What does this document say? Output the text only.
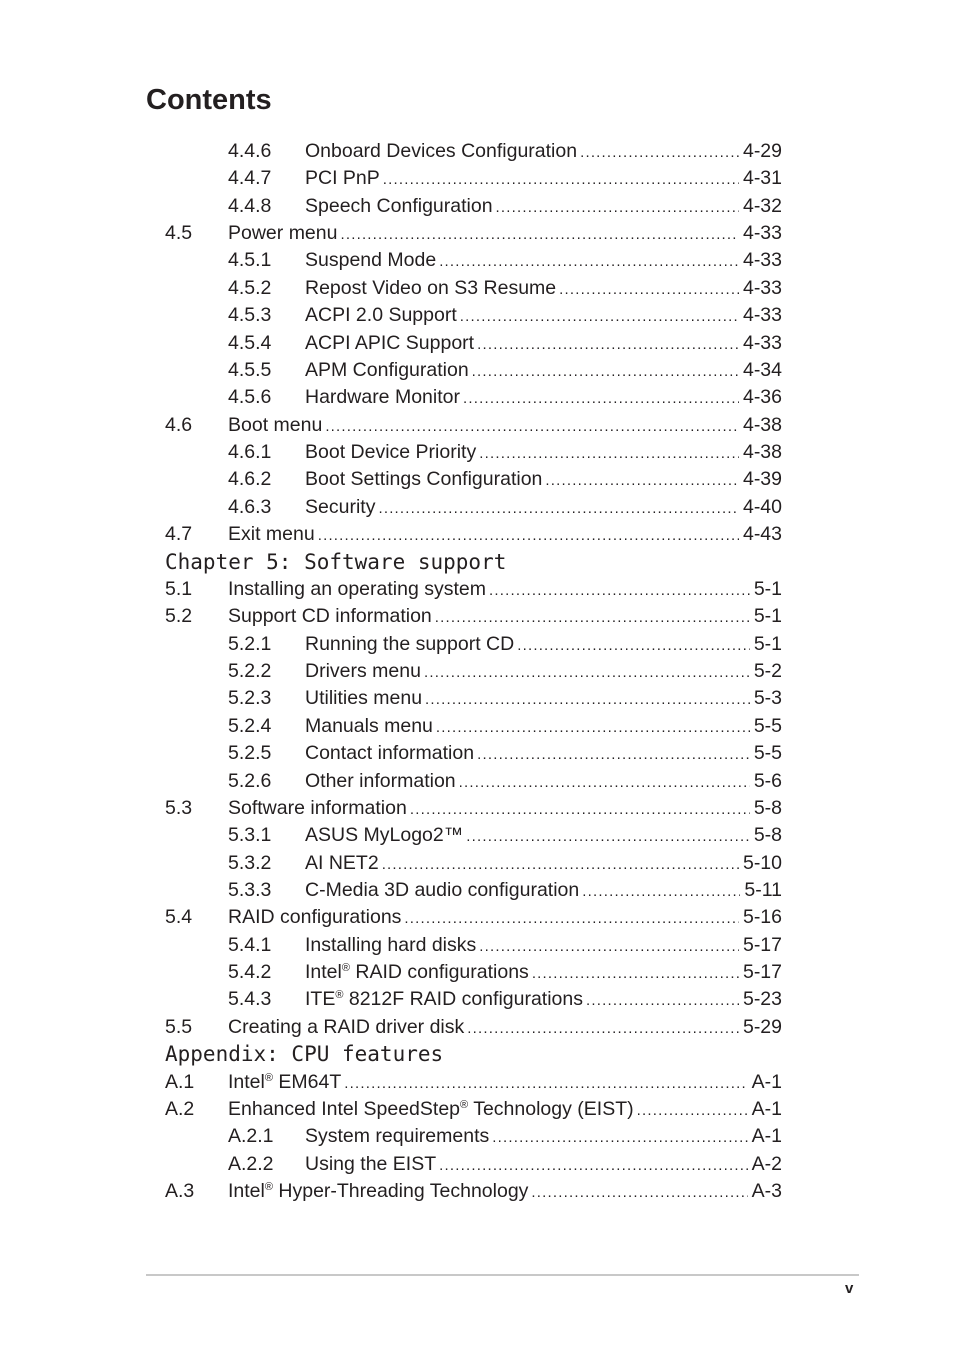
Contents
4.4.6 Onboard Devices Configuration .....	4-29
4.4.7 PCI PnP .....	4-31
4.4.8 Speech Configuration .....	4-32
4.5 Power menu .....	4-33
4.5.1 Suspend Mode .....	4-33
4.5.2 Repost Video on S3 Resume .....	4-33
4.5.3 ACPI 2.0 Support .....	4-33
4.5.4 ACPI APIC Support .....	4-33
4.5.5 APM Configuration .....	4-34
4.5.6 Hardware Monitor .....	4-36
4.6 Boot menu .....	4-38
4.6.1 Boot Device Priority .....	4-38
4.6.2 Boot Settings Configuration .....	4-39
4.6.3 Security .....	4-40
4.7 Exit menu .....	4-43
Chapter 5: Software support
5.1 Installing an operating system .....	5-1
5.2 Support CD information .....	5-1
5.2.1 Running the support CD .....	5-1
5.2.2 Drivers menu .....	5-2
5.2.3 Utilities menu .....	5-3
5.2.4 Manuals menu .....	5-5
5.2.5 Contact information .....	5-5
5.2.6 Other information .....	5-6
5.3 Software information .....	5-8
5.3.1 ASUS MyLogo2™ .....	5-8
5.3.2 AI NET2 .....	5-10
5.3.3 C-Media 3D audio configuration .....	5-11
5.4 RAID configurations .....	5-16
5.4.1 Installing hard disks .....	5-17
5.4.2 Intel® RAID configurations .....	5-17
5.4.3 ITE® 8212F RAID configurations .....	5-23
5.5 Creating a RAID driver disk .....	5-29
Appendix: CPU features
A.1 Intel® EM64T .....	A-1
A.2 Enhanced Intel SpeedStep® Technology (EIST) .....	A-1
A.2.1 System requirements .....	A-1
A.2.2 Using the EIST .....	A-2
A.3 Intel® Hyper-Threading Technology .....	A-3
v
